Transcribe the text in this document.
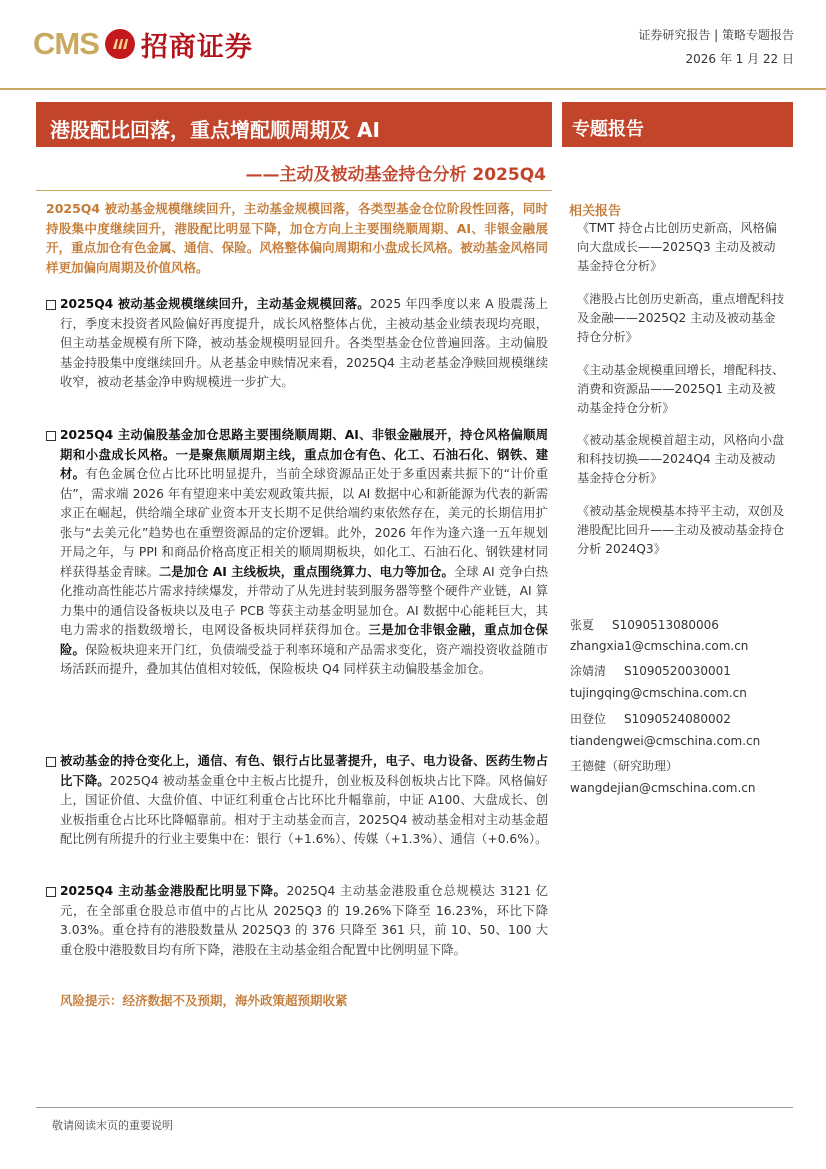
CMS 招商证券	证券研究报告 | 策略专题报告
2026 年 1 月 22 日
港股配比回落，重点增配顺周期及 AI
——主动及被动基金持仓分析 2025Q4
专题报告
2025Q4 被动基金规模继续回升，主动基金规模回落，各类型基金仓位阶段性回落，同时持股集中度继续回升，港股配比明显下降，加仓方向上主要围绕顺周期、AI、非银金融展开，重点加仓有色金属、通信、保险。风格整体偏向周期和小盘成长风格。被动基金风格同样更加偏向周期及价值风格。
2025Q4 被动基金规模继续回升，主动基金规模回落。2025 年四季度以来 A 股震荡上行，季度末投资者风险偏好再度提升，成长风格整体占优，主被动基金业绩表现均亮眼，但主动基金规模有所下降，被动基金规模明显回升。各类型基金仓位普遍回落。主动偏股基金持股集中度继续回升。从老基金申赎情况来看，2025Q4 主动老基金净赎回规模继续收窄，被动老基金净申购规模进一步扩大。
2025Q4 主动偏股基金加仓思路主要围绕顺周期、AI、非银金融展开，持仓风格偏顺周期和小盘成长风格。一是聚焦顺周期主线，重点加仓有色、化工、石油石化、钢铁、建材。有色金属仓位占比环比明显提升，当前全球资源品正处于多重因素共振下的“计价重估”，需求端 2026 年有望迎来中美宏观政策共振，以 AI 数据中心和新能源为代表的新需求正在崛起，供给端全球矿业资本开支长期不足供给端约束依然存在，美元的长期信用扩张与“去美元化”趋势也在重塑资源品的定价逻辑。此外，2026 年作为逢六逢一五年规划开局之年，与 PPI 和商品价格高度正相关的顺周期板块，如化工、石油石化、钢铁建材同样获得基金青睐。二是加仓 AI 主线板块，重点围绕算力、电力等加仓。全球 AI 竞争白热化推动高性能芯片需求持续爆发，并带动了从先进封装到服务器等整个硬件产业链，AI 算力集中的通信设备板块以及电子 PCB 等获主动基金明显加仓。AI 数据中心能耗巨大，其电力需求的指数级增长，电网设备板块同样获得加仓。三是加仓非银金融，重点加仓保险。保险板块迎来开门红，负债端受益于利率环境和产品需求变化，资产端投资收益随市场活跃而提升，叠加其估值相对较低，保险板块 Q4 同样获主动偏股基金加仓。
被动基金的持仓变化上，通信、有色、银行占比显著提升，电子、电力设备、医药生物占比下降。2025Q4 被动基金重仓中主板占比提升，创业板及科创板块占比下降。风格偏好上，国证价值、大盘价值、中证红利重仓占比环比升幅靠前，中证 A100、大盘成长、创业板指重仓占比环比降幅靠前。相对于主动基金而言，2025Q4 被动基金相对主动基金超配比例有所提升的行业主要集中在：银行（+1.6%）、传媒（+1.3%）、通信（+0.6%）。
2025Q4 主动基金港股配比明显下降。2025Q4 主动基金港股重仓总规模达 3121 亿元，在全部重仓股总市值中的占比从 2025Q3 的 19.26%下降至 16.23%，环比下降 3.03%。重仓持有的港股数量从 2025Q3 的 376 只降至 361 只，前 10、50、100 大重仓股中港股数目均有所下降，港股在主动基金组合配置中比例明显下降。
风险提示：经济数据不及预期，海外政策超预期收紧
相关报告
《TMT 持仓占比创历史新高，风格偏向大盘成长——2025Q3 主动及被动基金持仓分析》
《港股占比创历史新高，重点增配科技及金融——2025Q2 主动及被动基金持仓分析》
《主动基金规模重回增长，增配科技、消费和资源品——2025Q1 主动及被动基金持仓分析》
《被动基金规模首超主动，风格向小盘和科技切换——2024Q4 主动及被动基金持仓分析》
《被动基金规模基本持平主动，双创及港股配比回升——主动及被动基金持仓分析 2024Q3》
张夏 S1090513080006
zhangxia1@cmschina.com.cn
涂婧清 S1090520030001
tujingqing@cmschina.com.cn
田登位 S1090524080002
tiandengwei@cmschina.com.cn
王德健（研究助理）
wangdejian@cmschina.com.cn
敬请阅读末页的重要说明
